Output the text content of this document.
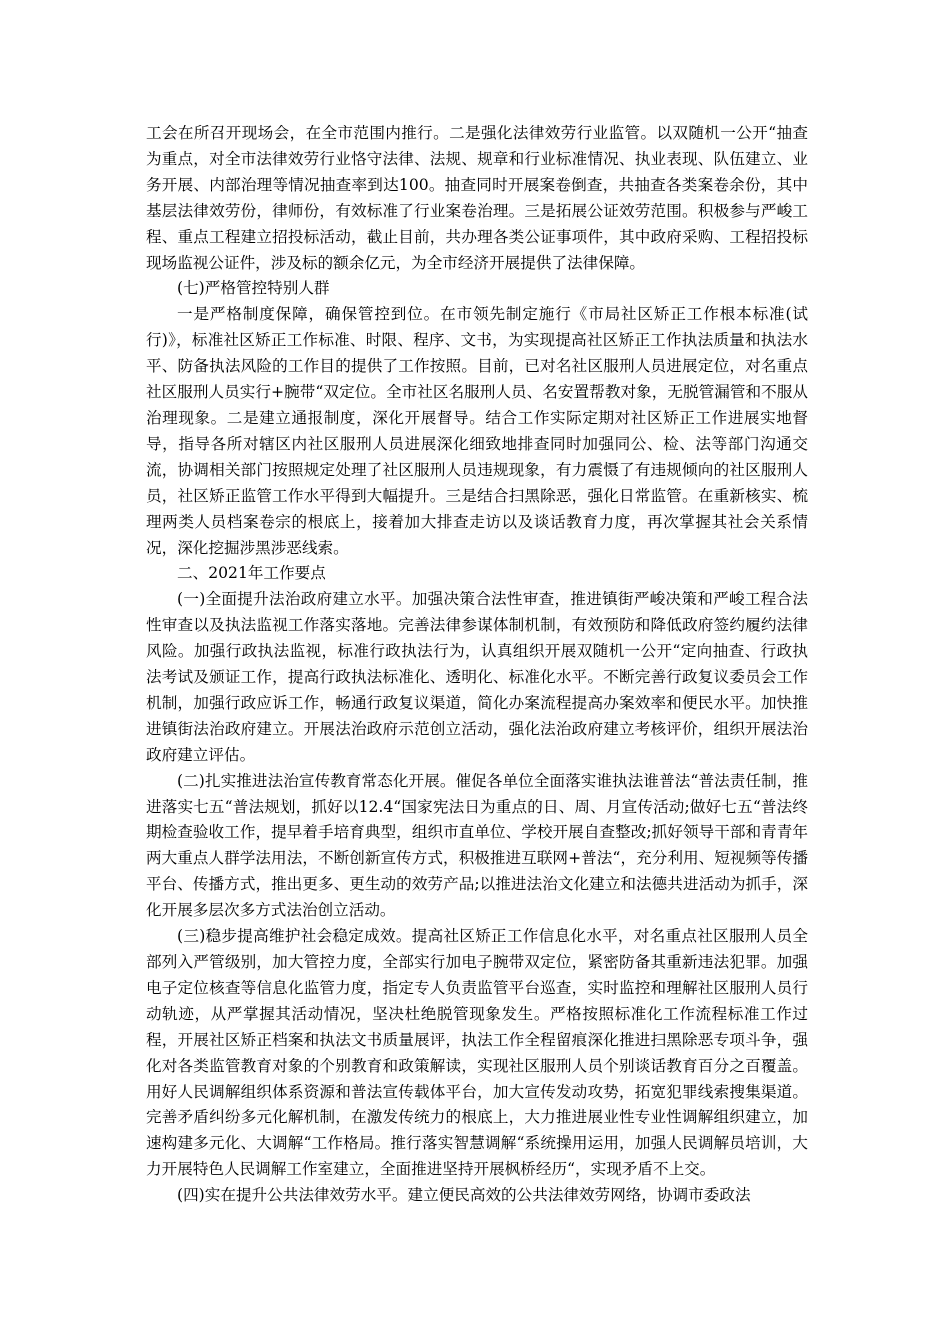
工会在所召开现场会，在全市范围内推行。二是强化法律效劳行业监管。以双随机一公开“抽查为重点，对全市法律效劳行业恪守法律、法规、规章和行业标准情况、执业表现、队伍建立、业务开展、内部治理等情况抽查率到达100。抽查同时开展案卷倒查，共抽查各类案卷余份，其中基层法律效劳份，律师份，有效标准了行业案卷治理。三是拓展公证效劳范围。积极参与严峻工程、重点工程建立招投标活动，截止目前，共办理各类公证事项件，其中政府采购、工程招投标现场监视公证件，涉及标的额余亿元，为全市经济开展提供了法律保障。

(七)严格管控特别人群

一是严格制度保障，确保管控到位。在市领先制定施行《市局社区矫正工作根本标准(试行)》，标准社区矫正工作标准、时限、程序、文书，为实现提高社区矫正工作执法质量和执法水平、防备执法风险的工作目的提供了工作按照。目前，已对名社区服刑人员进展定位，对名重点社区服刑人员实行+腕带“双定位。全市社区名服刑人员、名安置帮教对象，无脱管漏管和不服从治理现象。二是建立通报制度，深化开展督导。结合工作实际定期对社区矫正工作进展实地督导，指导各所对辖区内社区服刑人员进展深化细致地排查同时加强同公、检、法等部门沟通交流，协调相关部门按照规定处理了社区服刑人员违规现象，有力震慑了有违规倾向的社区服刑人员，社区矫正监管工作水平得到大幅提升。三是结合扫黑除恶，强化日常监管。在重新核实、梳理两类人员档案卷宗的根底上，接着加大排查走访以及谈话教育力度，再次掌握其社会关系情况，深化挖掘涉黑涉恶线索。

二、2021年工作要点

(一)全面提升法治政府建立水平。加强决策合法性审查，推进镇街严峻决策和严峻工程合法性审查以及执法监视工作落实落地。完善法律参谋体制机制，有效预防和降低政府签约履约法律风险。加强行政执法监视，标准行政执法行为，认真组织开展双随机一公开“定向抽查、行政执法考试及颁证工作，提高行政执法标准化、透明化、标准化水平。不断完善行政复议委员会工作机制，加强行政应诉工作，畅通行政复议渠道，简化办案流程提高办案效率和便民水平。加快推进镇街法治政府建立。开展法治政府示范创立活动，强化法治政府建立考核评价，组织开展法治政府建立评估。

(二)扎实推进法治宣传教育常态化开展。催促各单位全面落实谁执法谁普法“普法责任制，推进落实七五“普法规划，抓好以12.4“国家宪法日为重点的日、周、月宣传活动;做好七五“普法终期检查验收工作，提早着手培育典型，组织市直单位、学校开展自查整改;抓好领导干部和青青年两大重点人群学法用法，不断创新宣传方式，积极推进互联网+普法“，充分利用、短视频等传播平台、传播方式，推出更多、更生动的效劳产品;以推进法治文化建立和法德共进活动为抓手，深化开展多层次多方式法治创立活动。

(三)稳步提高维护社会稳定成效。提高社区矫正工作信息化水平，对名重点社区服刑人员全部列入严管级别，加大管控力度，全部实行加电子腕带双定位，紧密防备其重新违法犯罪。加强电子定位核查等信息化监管力度，指定专人负责监管平台巡查，实时监控和理解社区服刑人员行动轨迹，从严掌握其活动情况，坚决杜绝脱管现象发生。严格按照标准化工作流程标准工作过程，开展社区矫正档案和执法文书质量展评，执法工作全程留痕深化推进扫黑除恶专项斗争，强化对各类监管教育对象的个别教育和政策解读，实现社区服刑人员个别谈话教育百分之百覆盖。用好人民调解组织体系资源和普法宣传载体平台，加大宣传发动攻势，拓宽犯罪线索搜集渠道。完善矛盾纠纷多元化解机制，在激发传统力的根底上，大力推进展业性专业性调解组织建立，加速构建多元化、大调解“工作格局。推行落实智慧调解“系统操用运用，加强人民调解员培训，大力开展特色人民调解工作室建立，全面推进坚持开展枫桥经历“，实现矛盾不上交。

(四)实在提升公共法律效劳水平。建立便民高效的公共法律效劳网络，协调市委政法
